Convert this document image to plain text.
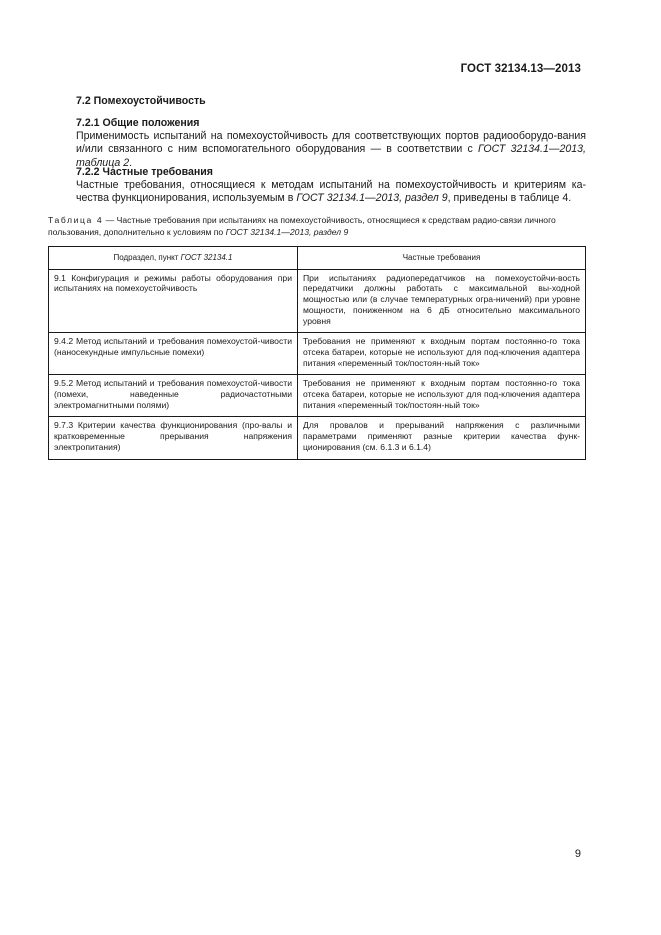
ГОСТ 32134.13—2013
7.2 Помехоустойчивость
7.2.1 Общие положения
Применимость испытаний на помехоустойчивость для соответствующих портов радиооборудо-вания и/или связанного с ним вспомогательного оборудования — в соответствии с ГОСТ 32134.1—2013, таблица 2.
7.2.2 Частные требования
Частные требования, относящиеся к методам испытаний на помехоустойчивость и критериям ка-чества функционирования, используемым в ГОСТ 32134.1—2013, раздел 9, приведены в таблице 4.
Таблица 4 — Частные требования при испытаниях на помехоустойчивость, относящиеся к средствам радио-связи личного пользования, дополнительно к условиям по ГОСТ 32134.1—2013, раздел 9
Подраздел, пункт ГОСТ 32134.1	Частные требования
9.1 Конфигурация и режимы работы оборудования при испытаниях на помехоустойчивость	При испытаниях радиопередатчиков на помехоустойчи-вость передатчики должны работать с максимальной вы-ходной мощностью или (в случае температурных огра-ничений) при уровне мощности, пониженном на 6 дБ относительно максимального уровня
9.4.2 Метод испытаний и требования помехоустой-чивости (наносекундные импульсные помехи)	Требования не применяют к входным портам постоянно-го тока отсека батареи, которые не используют для под-ключения адаптера питания «переменный ток/постоян-ный ток»
9.5.2 Метод испытаний и требования помехоустой-чивости (помехи, наведенные радиочастотными электромагнитными полями)	Требования не применяют к входным портам постоянно-го тока отсека батареи, которые не используют для под-ключения адаптера питания «переменный ток/постоян-ный ток»
9.7.3 Критерии качества функционирования (про-валы и кратковременные прерывания напряжения электропитания)	Для провалов и прерываний напряжения с различными параметрами применяют разные критерии качества функ-ционирования (см. 6.1.3 и 6.1.4)
9
